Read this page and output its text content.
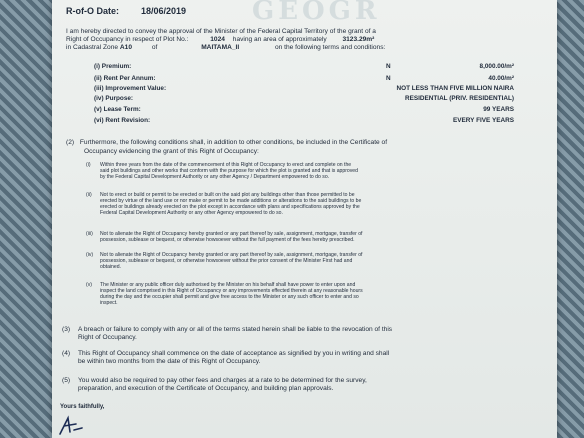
GEOGR
R-of-O Date: 18/06/2019
I am hereby directed to convey the approval of the Minister of the Federal Capital Territory of the grant of a
Right of Occupancy in respect of Plot No.:	1024 having an area of approximately 3123.29m²
in Cadastral Zone A10	of	MAITAMA_II	on the following terms and conditions:
(i) Premium:	N	8,000.00/m²
(ii) Rent Per Annum:	N	40.00/m²
(iii) Improvement Value:	NOT LESS THAN FIVE MILLION NAIRA
(iv) Purpose:	RESIDENTIAL (PRIV. RESIDENTIAL)
(v) Lease Term:	99 YEARS
(vi) Rent Revision:	EVERY FIVE YEARS
(2) Furthermore, the following conditions shall, in addition to other conditions, be included in the Certificate of
Occupancy evidencing the grant of this Right of Occupancy:
(i) Within three years from the date of the commencement of this Right of Occupancy to erect and complete on the
said plot buildings and other works that conform with the purpose for which the plot is granted and that is approved
by the Federal Capital Development Authority or any other Agency / Department empowered to do so.
(ii) Not to erect or build or permit to be erected or built on the said plot any buildings other than those permitted to be
erected by virtue of the land use or nor make or permit to be made additions or alterations to the said buildings to be
erected or buildings already erected on the plot except in accordance with plans and specifications approved by the
Federal Capital Development Authority or any other Agency empowered to do so.
(iii) Not to alienate the Right of Occupancy hereby granted or any part thereof by sale, assignment, mortgage, transfer of
possession, sublease or bequest, or otherwise howsoever without the full payment of the fees hereby prescribed.
(iv) Not to alienate the Right of Occupancy hereby granted or any part thereof by sale, assignment, mortgage, transfer of
possession, sublease or bequest, or otherwise howsoever without the prior consent of the Minister First had and
obtained.
(v) The Minister or any public officer duly authorised by the Minister on his behalf shall have power to enter upon and
inspect the land comprised in this Right of Occupancy or any improvements effected therein at any reasonable hours
during the day and the occupier shall permit and give free access to the Minister or any such officer to enter and so
inspect.
(3) A breach or failure to comply with any or all of the terms stated herein shall be liable to the revocation of this
Right of Occupancy.
(4) This Right of Occupancy shall commence on the date of acceptance as signified by you in writing and shall
be within two months from the date of this Right of Occupancy.
(5) You would also be required to pay other fees and charges at a rate to be determined for the survey,
preparation, and execution of the Certificate of Occupancy, and building plan approvals.
Yours faithfully,
